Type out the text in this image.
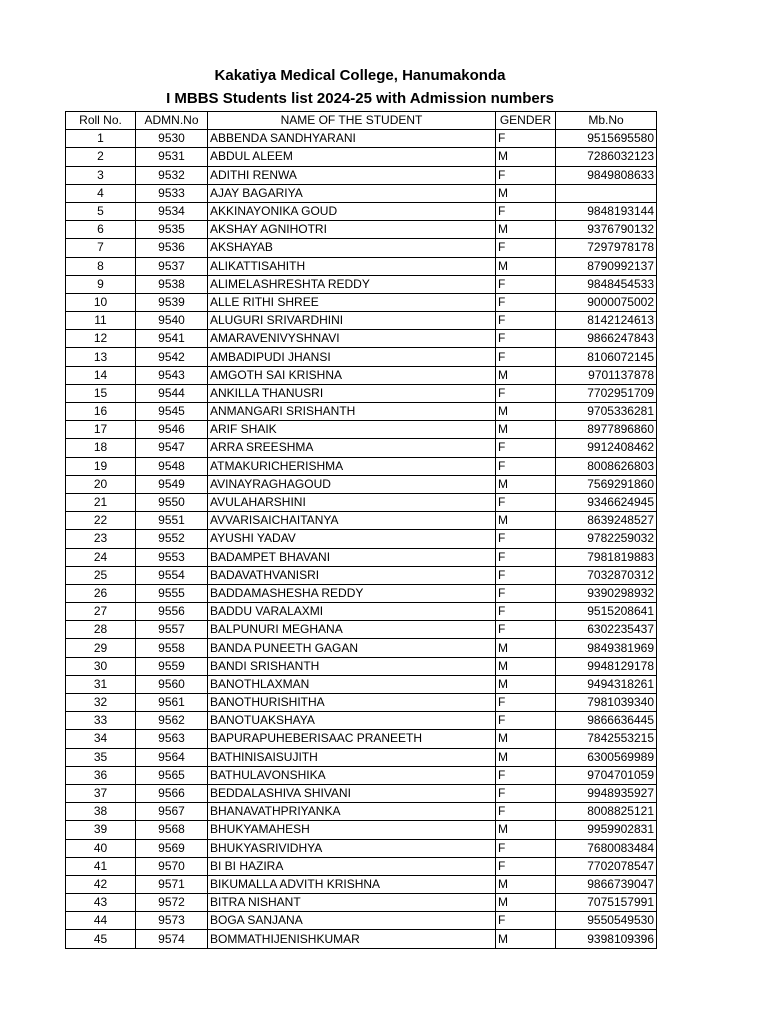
Kakatiya Medical College, Hanumakonda
I MBBS Students list 2024-25 with Admission numbers
Roll No.	ADMN.No	NAME OF THE STUDENT	GENDER	Mb.No
1	9530	ABBENDA SANDHYARANI	F	9515695580
2	9531	ABDUL ALEEM	M	7286032123
3	9532	ADITHI RENWA	F	9849808633
4	9533	AJAY BAGARIYA	M	
5	9534	AKKINAYONIKA GOUD	F	9848193144
6	9535	AKSHAY AGNIHOTRI	M	9376790132
7	9536	AKSHAYAB	F	7297978178
8	9537	ALIKATTISAHITH	M	8790992137
9	9538	ALIMELASHRESHTA REDDY	F	9848454533
10	9539	ALLE RITHI SHREE	F	9000075002
11	9540	ALUGURI SRIVARDHINI	F	8142124613
12	9541	AMARAVENIVYSHNAVI	F	9866247843
13	9542	AMBADIPUDI JHANSI	F	8106072145
14	9543	AMGOTH SAI KRISHNA	M	9701137878
15	9544	ANKILLA THANUSRI	F	7702951709
16	9545	ANMANGARI SRISHANTH	M	9705336281
17	9546	ARIF SHAIK	M	8977896860
18	9547	ARRA SREESHMA	F	9912408462
19	9548	ATMAKURICHERISHMA	F	8008626803
20	9549	AVINAYRAGHAGOUD	M	7569291860
21	9550	AVULAHARSHINI	F	9346624945
22	9551	AVVARISAICHAITANYA	M	8639248527
23	9552	AYUSHI YADAV	F	9782259032
24	9553	BADAMPET BHAVANI	F	7981819883
25	9554	BADAVATHVANISRI	F	7032870312
26	9555	BADDAMASHESHA REDDY	F	9390298932
27	9556	BADDU VARALAXMI	F	9515208641
28	9557	BALPUNURI MEGHANA	F	6302235437
29	9558	BANDA PUNEETH GAGAN	M	9849381969
30	9559	BANDI SRISHANTH	M	9948129178
31	9560	BANOTHLAXMAN	M	9494318261
32	9561	BANOTHURISHITHA	F	7981039340
33	9562	BANOTUAKSHAYA	F	9866636445
34	9563	BAPURAPUHEBERISAAC PRANEETH	M	7842553215
35	9564	BATHINISAISUJITH	M	6300569989
36	9565	BATHULAVONSHIKA	F	9704701059
37	9566	BEDDALASHIVA SHIVANI	F	9948935927
38	9567	BHANAVATHPRIYANKA	F	8008825121
39	9568	BHUKYAMAHESH	M	9959902831
40	9569	BHUKYASRIVIDHYA	F	7680083484
41	9570	BI BI HAZIRA	F	7702078547
42	9571	BIKUMALLA ADVITH KRISHNA	M	9866739047
43	9572	BITRA NISHANT	M	7075157991
44	9573	BOGA SANJANA	F	9550549530
45	9574	BOMMATHIJENISHKUMAR	M	9398109396
